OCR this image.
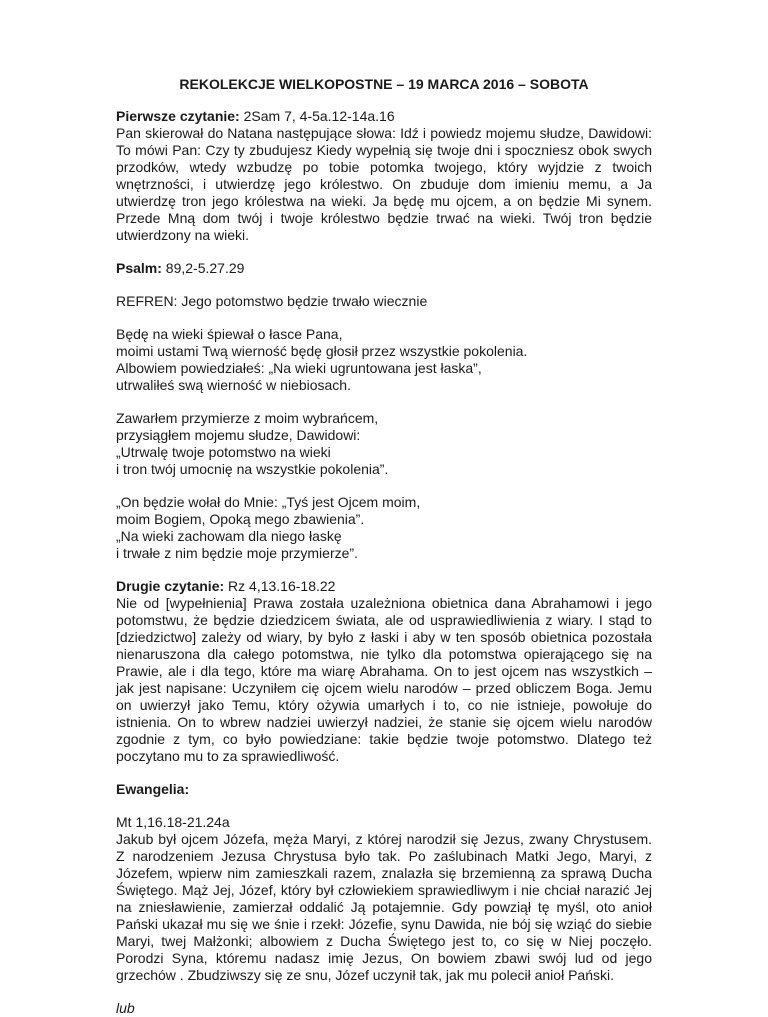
REKOLEKCJE WIELKOPOSTNE – 19 MARCA 2016 – SOBOTA

Pierwsze czytanie: 2Sam 7, 4-5a.12-14a.16
Pan skierował do Natana następujące słowa: Idź i powiedz mojemu słudze, Dawidowi: To mówi Pan: Czy ty zbudujesz Kiedy wypełnią się twoje dni i spoczniesz obok swych przodków, wtedy wzbudzę po tobie potomka twojego, który wyjdzie z twoich wnętrzności, i utwierdzę jego królestwo. On zbuduje dom imieniu memu, a Ja utwierdzę tron jego królestwa na wieki. Ja będę mu ojcem, a on będzie Mi synem. Przede Mną dom twój i twoje królestwo będzie trwać na wieki. Twój tron będzie utwierdzony na wieki.

Psalm: 89,2-5.27.29

REFREN: Jego potomstwo będzie trwało wiecznie

Będę na wieki śpiewał o łasce Pana,
moimi ustami Twą wierność będę głosił przez wszystkie pokolenia.
Albowiem powiedziałeś: „Na wieki ugruntowana jest łaska”,
utrwaliłeś swą wierność w niebiosach.

Zawarłem przymierze z moim wybrańcem,
przysiągłem mojemu słudze, Dawidowi:
„Utrwalę twoje potomstwo na wieki
i tron twój umocnię na wszystkie pokolenia”.

„On będzie wołał do Mnie: „Tyś jest Ojcem moim,
moim Bogiem, Opoką mego zbawienia”.
„Na wieki zachowam dla niego łaskę
i trwałe z nim będzie moje przymierze”.

Drugie czytanie: Rz 4,13.16-18.22
Nie od [wypełnienia] Prawa została uzależniona obietnica dana Abrahamowi i jego potomstwu, że będzie dziedzicem świata, ale od usprawiedliwienia z wiary. I stąd to [dziedzictwo] zależy od wiary, by było z łaski i aby w ten sposób obietnica pozostała nienaruszona dla całego potomstwa, nie tylko dla potomstwa opierającego się na Prawie, ale i dla tego, które ma wiarę Abrahama. On to jest ojcem nas wszystkich – jak jest napisane: Uczyniłem cię ojcem wielu narodów – przed obliczem Boga. Jemu on uwierzył jako Temu, który ożywia umarłych i to, co nie istnieje, powołuje do istnienia. On to wbrew nadziei uwierzył nadziei, że stanie się ojcem wielu narodów zgodnie z tym, co było powiedziane: takie będzie twoje potomstwo. Dlatego też poczytano mu to za sprawiedliwość.

Ewangelia:

Mt 1,16.18-21.24a
Jakub był ojcem Józefa, męża Maryi, z której narodził się Jezus, zwany Chrystusem. Z narodzeniem Jezusa Chrystusa było tak. Po zaślubinach Matki Jego, Maryi, z Józefem, wpierw nim zamieszkali razem, znalazła się brzemienną za sprawą Ducha Świętego. Mąż Jej, Józef, który był człowiekiem sprawiedliwym i nie chciał narazić Jej na zniesławienie, zamierzał oddalić Ją potajemnie. Gdy powziął tę myśl, oto anioł Pański ukazał mu się we śnie i rzekł: Józefie, synu Dawida, nie bój się wziąć do siebie Maryi, twej Małżonki; albowiem z Ducha Świętego jest to, co się w Niej poczęło. Porodzi Syna, któremu nadasz imię Jezus, On bowiem zbawi swój lud od jego grzechów . Zbudziwszy się ze snu, Józef uczynił tak, jak mu polecił anioł Pański.

lub
